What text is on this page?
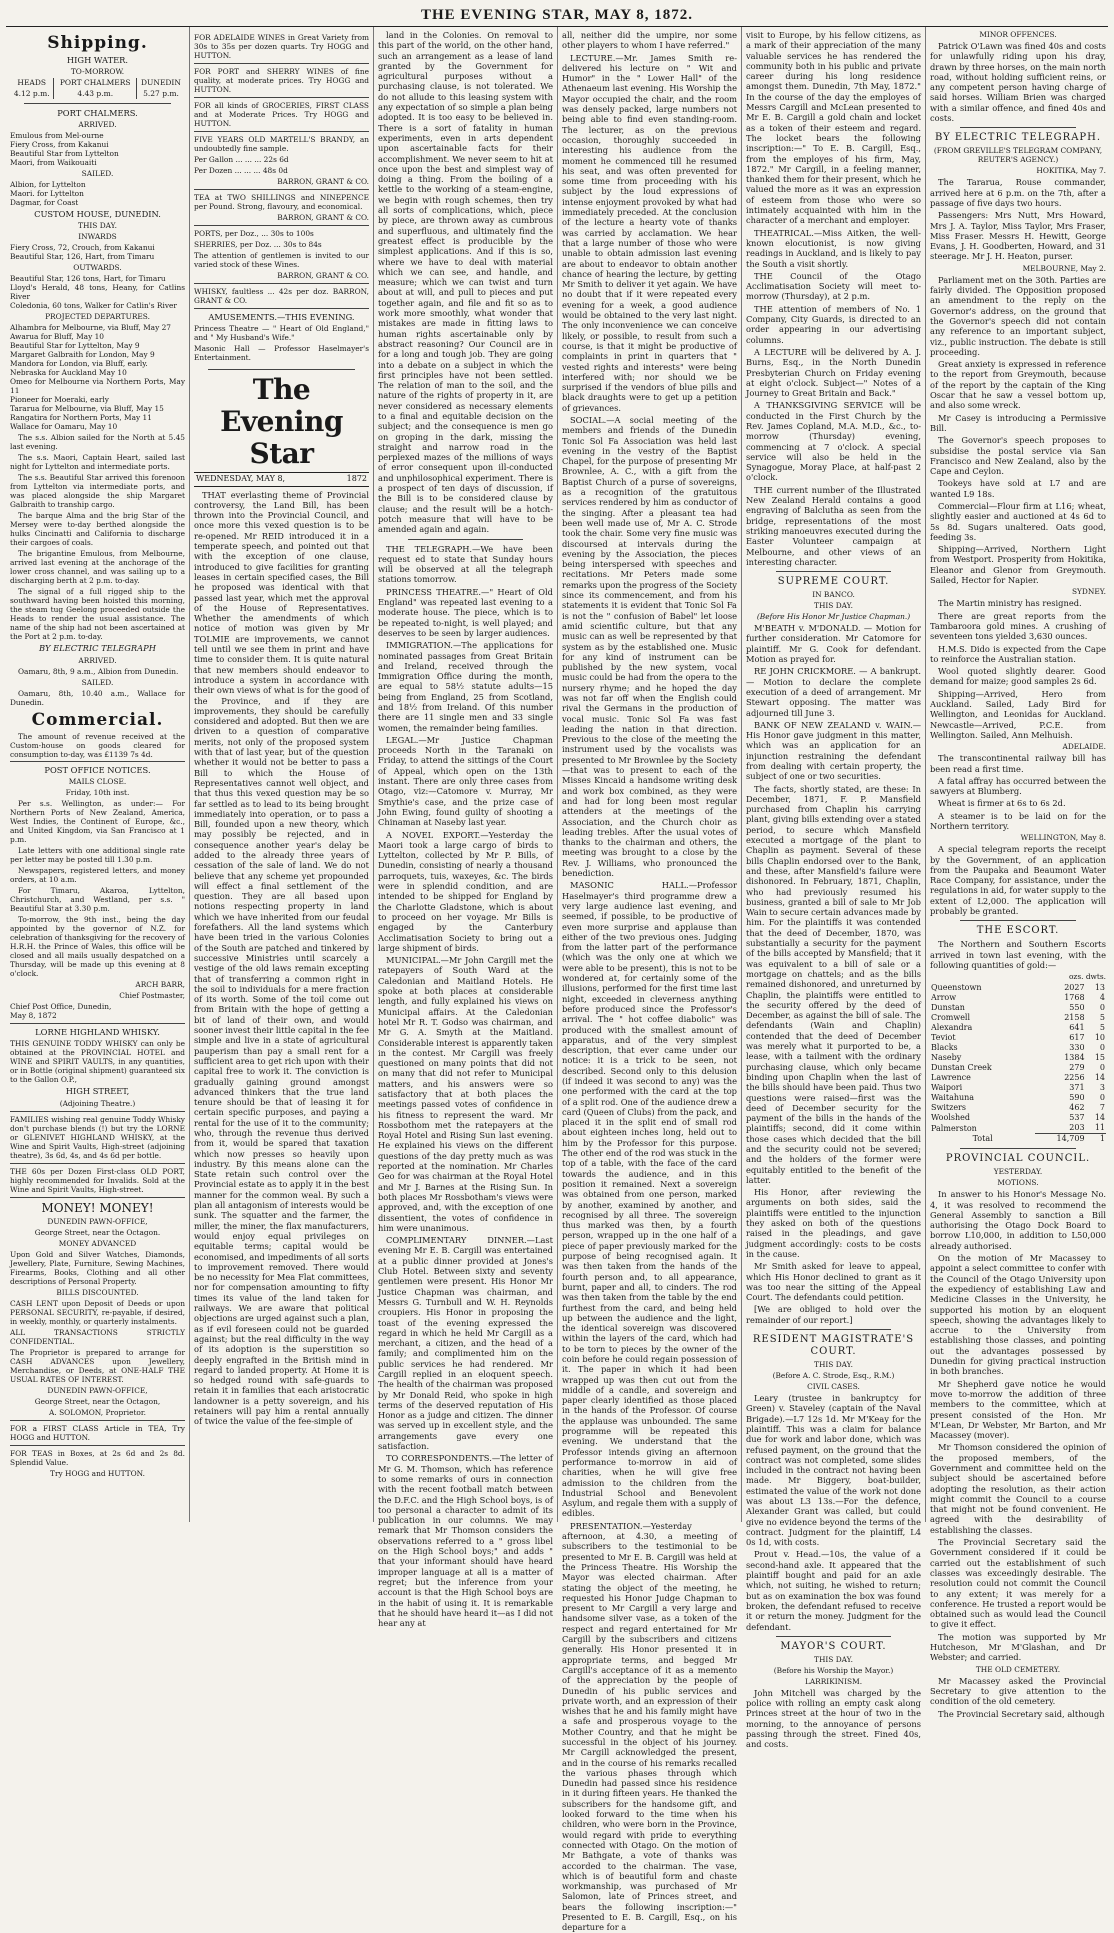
THE EVENING STAR, MAY 8, 1872.
Shipping.

HIGH WATER.

TO-MORROW.

HEADS	PORT CHALMERS	DUNEDIN
4.12 p.m.	4.43 p.m.	5.27 p.m.

PORT CHALMERS.

ARRIVED.

Emulous from Mel-ourne
Fiery Cross, from Kakanui
Beautiful Star from Lyttelton
Maori, from Waikouaiti

SAILED.

Albion, for Lyttelton
Maori. for Lyttelton
Dagmar, for Coast

CUSTOM HOUSE, DUNEDIN.

THIS DAY.

INWARDS

Fiery Cross, 72, Crouch, from Kakanui
Beautiful Star, 126, Hart, from Timaru

OUTWARDS.

Beautiful Star, 126 tons, Hart, for Timaru
Lloyd's Herald, 48 tons, Heany, for Catlins River
Coledonia, 60 tons, Walker for Catlin's River

PROJECTED DEPARTURES.

Alhambra for Melbourne, via Bluff, May 27
Awarua for Bluff, May 10
Beautiful Star for Lyttelton, May 9
Margaret Galbraith for London, May 9
Mandora for London, via Bluff, early.
Nebraska for Auckland May 10
Omeo for Melbourne via Northern Ports, May 11
Pioneer for Moeraki, early
Tararua for Melbourne, via Bluff, May 15
Rangatira for Northern Ports, May 11
Wallace for Oamaru, May 10

The s.s. Albion sailed for the North at 5.45 last evening.

The s.s. Maori, Captain Heart, sailed last night for Lyttelton and intermediate ports.

The s.s. Beautiful Star arrived this forenoon from Lyttelton via intermediate ports, and was placed alongside the ship Margaret Galbraith to tranship cargo.

The barque Alma and the brig Star of the Mersey were to-day berthed alongside the hulks Cincinatti and California to discharge their cargoes of coals.

The brigantine Emulous, from Melbourne, arrived last evening at the anchorage of the lower cross channel, and was sailing up to a discharging berth at 2 p.m. to-day.

The signal of a full rigged ship to the southward having been hoisted this morning, the steam tug Geelong proceeded outside the Heads to render the usual assistance. The name of the ship had not been ascertained at the Port at 2 p.m. to-day.

BY ELECTRIC TELEGRAPH

ARRIVED.

Oamaru, 8th, 9 a.m., Albion from Dunedin.

SAILED.

Oamaru, 8th, 10.40 a.m., Wallace for Dunedin.

Commercial.

The amount of revenue received at the Custom-house on goods cleared for consumption to-day, was £1139 7s 4d.

POST OFFICE NOTICES.

MAILS CLOSE.

Friday, 10th inst.

Per s.s. Wellington, as under:— For Northern Ports of New Zealand, America, West Indies, the Continent of Europe, &c., and United Kingdom, via San Francisco at 1 p.m.

Late letters with one additional single rate per letter may be posted till 1.30 p.m.

Newspapers, registered letters, and money orders, at 10 a.m.

For Timaru, Akaroa, Lyttelton, Christchurch, and Westland, per s.s. " Beautiful Star at 3.30 p.m.

To-morrow, the 9th inst., being the day appointed by the governor of N.Z. for celebration of thanksgiving for the recovery of H.R.H. the Prince of Wales, this office will be closed and all mails usually despatched on a Thursday, will be made up this evening at 8 o'clock.

ARCH BARR,

Chief Postmaster,

Chief Post Office, Dunedin,
May 8, 1872

LORNE HIGHLAND WHISKY.

THIS GENUINE TODDY WHISKY can only be obtained at the PROVINCIAL HOTEL and WINE and SPIRIT VAULTS, in any quantities, or in Bottle (original shipment) guaranteed six to the Gallon O.P.,

HIGH STREET,

(Adjoining Theatre.)

FAMILIES wishing real genuine Toddy Whisky don't purchase blends (!) but try the LORNE or GLENIVET HIGHLAND WHISKY, at the Wine and Spirit Vaults, High-street (adjoining theatre), 3s 6d, 4s, and 4s 6d per bottle.

THE 60s per Dozen First-class OLD PORT, highly recommended for Invalids. Sold at the Wine and Spirit Vaults, High-street.

MONEY! MONEY!

DUNEDIN PAWN-OFFICE,

George Street, near the Octagon.

MONEY ADVANCED

Upon Gold and Silver Watches, Diamonds, Jewellery, Plate, Furniture, Sewing Machines, Firearms, Books, Clothing and all other descriptions of Personal Property.

BILLS DISCOUNTED.

CASH LENT upon Deposit of Deeds or upon PERSONAL SECURITY, re-payable, if desired, in weekly, monthly, or quarterly instalments.

ALL TRANSACTIONS STRICTLY CONFIDENTIAL.

The Proprietor is prepared to arrange for CASH ADVANCES upon Jewellery, Merchandise, or Deeds, at ONE-HALF THE USUAL RATES OF INTEREST.

DUNEDIN PAWN-OFFICE,

George Street, near the Octagon,

A. SOLOMON, Proprietor.

FOR a FIRST CLASS Article in TEA, Try HOGG and HUTTON.

FOR TEAS in Boxes, at 2s 6d and 2s 8d. Splendid Value.

Try HOGG and HUTTON.

FOR ADELAIDE WINES in Great Variety from 30s to 35s per dozen quarts. Try HOGG and HUTTON.

FOR PORT and SHERRY WINES of fine quality, at moderate prices. Try HOGG and HUTTON.

FOR all kinds of GROCERIES, FIRST CLASS and at Moderate Prices. Try HOGG and HUTTON.

FIVE YEARS OLD MARTELL'S BRANDY, an undoubtedly fine sample.

Per Gallon ... ... ... 22s 6d

Per Dozen ... ... ... 48s 0d

BARRON, GRANT & CO.

TEA at TWO SHILLINGS and NINEPENCE per Pound. Strong, flavoury, and economical.

BARRON, GRANT & CO.

PORTS, per Doz., ... 30s to 100s

SHERRIES, per Doz. ... 30s to 84s

The attention of gentlemen is invited to our varied stock of these Wines.

BARRON, GRANT & CO.

WHISKY, faultless ... 42s per doz. BARRON, GRANT & CO.

AMUSEMENTS.—THIS EVENING.

Princess Theatre — " Heart of Old England," and " My Husband's Wife."

Masonic Hall — Professor Haselmayer's Entertainment.

The Evening Star
WEDNESDAY, MAY 8,	1872

THAT everlasting theme of Provincial controversy, the Land Bill, has been thrown into the Provincial Council, and once more this vexed question is to be re-opened. Mr REID introduced it in a temperate speech, and pointed out that with the exception of one clause, introduced to give facilities for granting leases in certain specified cases, the Bill he proposed was identical with that passed last year, which met the approval of the House of Representatives. Whether the amendments of which notice of motion was given by Mr TOLMIE are improvements, we cannot tell until we see them in print and have time to consider them. It is quite natural that new members should endeavor to introduce a system in accordance with their own views of what is for the good of the Province, and if they are improvements, they should be carefully considered and adopted. But then we are driven to a question of comparative merits, not only of the proposed system with that of last year, but of the question whether it would not be better to pass a Bill to which the House of Representatives cannot well object, and that thus this vexed question may be so far settled as to lead to its being brought immediately into operation, or to pass a Bill, founded upon a new theory, which may possibly be rejected, and in consequence another year's delay be added to the already three years of cessation of the sale of land. We do not believe that any scheme yet propounded will effect a final settlement of the question. They are all based upon notions respecting property in land which we have inherited from our feudal forefathers. All the land systems which have been tried in the various Colonies of the South are patched and tinkered by successive Ministries until scarcely a vestige of the old laws remain excepting that of transferring a common right in the soil to individuals for a mere fraction of its worth. Some of the toil come out from Britain with the hope of getting a bit of land of their own, and would sooner invest their little capital in the fee simple and live in a state of agricultural pauperism than pay a small rent for a sufficient area to get rich upon with their capital free to work it. The conviction is gradually gaining ground amongst advanced thinkers that the true land tenure should be that of leasing it for certain specific purposes, and paying a rental for the use of it to the community; who, through the revenue thus derived from it, would be spared that taxation which now presses so heavily upon industry. By this means alone can the State retain such control over the Provincial estate as to apply it in the best manner for the common weal. By such a plan all antagonism of interests would be sunk. The squatter and the farmer, the miller, the miner, the flax manufacturers, would enjoy equal privileges on equitable terms; capital would be economised, and impediments of all sorts to improvement removed. There would be no necessity for Mea Flat committees, nor for compensation amounting to fifty times its value of the land taken for railways. We are aware that political objections are urged against such a plan, as if evil foreseen could not be guarded against; but the real difficulty in the way of its adoption is the superstition so deeply engrafted in the British mind in regard to landed property. At Home it is so hedged round with safe-guards to retain it in families that each aristocratic landowner is a petty sovereign, and his retainers will pay him a rental annually of twice the value of the fee-simple of

land in the Colonies. On removal to this part of the world, on the other hand, such an arrangement as a lease of land granted by the Government for agricultural purposes without a purchasing clause, is not tolerated. We do not allude to this leasing system with any expectation of so simple a plan being adopted. It is too easy to be believed in. There is a sort of fatality in human experiments, even in arts dependent upon ascertainable facts for their accomplishment. We never seem to hit at once upon the best and simplest way of doing a thing. From the boiling of a kettle to the working of a steam-engine, we begin with rough schemes, then try all sorts of complications, which, piece by piece, are thrown away as cumbrous and superfluous, and ultimately find the greatest effect is producible by the simplest applications. And if this is so, where we have to deal with material which we can see, and handle, and measure; which we can twist and turn about at will, and pull to pieces and put together again, and file and fit so as to work more smoothly, what wonder that mistakes are made in fitting laws to human rights ascertainable only by abstract reasoning? Our Council are in for a long and tough job. They are going into a debate on a subject in which the first principles have not been settled. The relation of man to the soil, and the nature of the rights of property in it, are never considered as necessary elements to a final and equitable decision on the subject; and the consequence is men go on groping in the dark, missing the straight and narrow road in the perplexed mazes of the millions of ways of error consequent upon ill-conducted and unphilosophical experiment. There is a prospect of ten days of discussion, if the Bill is to be considered clause by clause; and the result will be a hotch-potch measure that will have to be amended again and again.

THE TELEGRAPH.—We have been request ed to state that Sunday hours will be observed at all the telegraph stations tomorrow.

PRINCESS THEATRE.—" Heart of Old England" was repeated last evening to a moderate house. The piece, which is to be repeated to-night, is well played; and deserves to be seen by larger audiences.

IMMIGRATION.—The applications for nominated passages from Great Britain and Ireland, received through the Immigration Office during the month, are equal to 58½ statute adults—15 being from England, 25 from Scotland, and 18½ from Ireland. Of this number there are 11 single men and 33 single women, the remainder being families.

LEGAL.—Mr Justice Chapman proceeds North in the Taranaki on Friday, to attend the sittings of the Court of Appeal, which open on the 13th instant. There are only three cases from Otago, viz:—Catomore v. Murray, Mr Smythie's case, and the prize case of John Ewing, found guilty of shooting a Chinaman at Naseby last year.

A NOVEL EXPORT.—Yesterday the Maori took a large cargo of birds to Lyttelton, collected by Mr P. Bills, of Dunedin, consisting of nearly a thousand parroquets, tuis, waxeyes, &c. The birds were in splendid condition, and are intended to be shipped for England by the Charlotte Gladstone, which is about to proceed on her voyage. Mr Bills is engaged by the Canterbury Acclimatisation Society to bring out a large shipment of birds.

MUNICIPAL.—Mr John Cargill met the ratepayers of South Ward at the Caledonian and Maitland Hotels. He spoke at both places at considerable length, and fully explained his views on Municipal affairs. At the Caledonian hotel Mr R. T. Godso was chairman, and Mr G. A. Smyth at the Maitland. Considerable interest is apparently taken in the contest. Mr Cargill was freely questioned on many points that did not on many that did not refer to Municipal matters, and his answers were so satisfactory that at both places the meetings passed votes of confidence in his fitness to represent the ward. Mr Rossbothom met the ratepayers at the Royal Hotel and Rising Sun last evening. He explained his views on the different questions of the day pretty much as was reported at the nomination. Mr Charles Geo for was chairman at the Royal Hotel and Mr J. Barnes at the Rising Sun. In both places Mr Rossbotham's views were approved, and, with the exception of one dissentient, the votes of confidence in him were unanimous.

COMPLIMENTARY DINNER.—Last evening Mr E. B. Cargill was entertained at a public dinner provided at Jones's Club Hotel. Between sixty and seventy gentlemen were present. His Honor Mr Justice Chapman was chairman, and Messrs G. Turnbull and W. H. Reynolds croupiers. His Honor in proposing the toast of the evening expressed the regard in which he held Mr Cargill as a merchant, a citizen, and the head of a family; and complimented him on the public services he had rendered. Mr Cargill replied in an eloquent speech. The health of the chairman was proposed by Mr Donald Reid, who spoke in high terms of the deserved reputation of His Honor as a judge and citizen. The dinner was served up in excellent style, and the arrangements gave every one satisfaction.

TO CORRESPONDENTS.—The letter of Mr G. M. Thomson, which has reference to some remarks of ours in connection with the recent football match between the D.F.C. and the High School boys, is of too personal a character to admit of its publication in our columns. We may remark that Mr Thomson considers the observations referred to a " gross libel on the High School boys;" and adds " that your informant should have heard improper language at all is a matter of regret; but the inference from your account is that the High School boys are in the habit of using it. It is remarkable that he should have heard it—as I did not hear any at

all, neither did the umpire, nor some other players to whom I have referred."

LECTURE.—Mr. James Smith re-delivered his lecture on " Wit and Humor" in the " Lower Hall" of the Athenaeum last evening. His Worship the Mayor occupied the chair, and the room was densely packed, large numbers not being able to find even standing-room. The lecturer, as on the previous occasion, thoroughly succeeded in interesting his audience from the moment he commenced till he resumed his seat, and was often prevented for some time from proceeding with his subject by the loud expressions of intense enjoyment provoked by what had immediately preceded. At the conclusion of the lecture a hearty vote of thanks was carried by acclamation. We hear that a large number of those who were unable to obtain admission last evening are about to endeavor to obtain another chance of hearing the lecture, by getting Mr Smith to deliver it yet again. We have no doubt that if it were repeated every evening for a week, a good audience would be obtained to the very last night. The only inconvenience we can conceive likely, or possible, to result from such a course, is that it might be productive of complaints in print in quarters that " vested rights and interests" were being interfered with; nor should we be surprised if the vendors of blue pills and black draughts were to get up a petition of grievances.

SOCIAL.—A social meeting of the members and friends of the Dunedin Tonic Sol Fa Association was held last evening in the vestry of the Baptist Chapel, for the purpose of presenting Mr Brownlee, A. C., with a gift from the Baptist Church of a purse of sovereigns, as a recognition of the gratuitous services rendered by him as conductor of the singing. After a pleasant tea had been well made use of, Mr A. C. Strode took the chair. Some very fine music was discoursed at intervals during the evening by the Association, the pieces being interspersed with speeches and recitations. Mr Peters made some remarks upon the progress of the Society since its commencement, and from his statements it is evident that Tonic Sol Fa is not the " confusion of Babel" let loose amid scientific culture, but that any music can as well be represented by that system as by the established one. Music for any kind of instrument can be published by the new system, vocal music could be had from the opera to the nursery rhyme; and he hoped the day was not far off when the English could rival the Germans in the production of vocal music. Tonic Sol Fa was fast leading the nation in that direction. Previous to the close of the meeting the instrument used by the vocalists was presented to Mr Brownlee by the Society—that was to present to each of the Misses Kincaid a handsome writing desk and work box combined, as they were and had for long been most regular attenders at the meetings of the Association, and the Church choir as leading trebles. After the usual votes of thanks to the chairman and others, the meeting was brought to a close by the Rev. J. Williams, who pronounced the benediction.

MASONIC HALL.—Professor Haselmayer's third programme drew a very large audience last evening, and seemed, if possible, to be productive of even more surprise and applause than either of the two previous ones. Judging from the latter part of the performance (which was the only one at which we were able to be present), this is not to be wondered at, for certainly some of the illusions, performed for the first time last night, exceeded in cleverness anything before produced since the Professor's arrival. The " hot coffee diabolic" was produced with the smallest amount of apparatus, and of the very simplest description, that ever came under our notice: it is a trick to be seen, not described. Second only to this delusion (if indeed it was second to any) was the one performed with the card at the top of a split rod. One of the audience drew a card (Queen of Clubs) from the pack, and placed it in the split end of small rod about eighteen inches long, held out to him by the Professor for this purpose. The other end of the rod was stuck in the top of a table, with the face of the card towards the audience, and in this position it remained. Next a sovereign was obtained from one person, marked by another, examined by another, and recognised by all three. The sovereign thus marked was then, by a fourth person, wrapped up in the one half of a piece of paper previously marked for the purpose of being recognised again. It was then taken from the hands of the fourth person and, to all appearance, burnt, paper and all, to cinders. The rod was then taken from the table by the end furthest from the card, and being held up between the audience and the light, the identical sovereign was discovered within the layers of the card, which had to be torn to pieces by the owner of the coin before he could regain possession of it. The paper in which it had been wrapped up was then cut out from the middle of a candle, and sovereign and paper clearly identified as those placed in the hands of the Professor. Of course the applause was unbounded. The same programme will be repeated this evening. We understand that the Professor intends giving an afternoon performance to-morrow in aid of charities, when he will give free admission to the children from the Industrial School and Benevolent Asylum, and regale them with a supply of edibles.

PRESENTATION.—Yesterday afternoon, at 4.30, a meeting of subscribers to the testimonial to be presented to Mr E. B. Cargill was held at the Princess Theatre. His Worship the Mayor was elected chairman. After stating the object of the meeting, he requested his Honor Judge Chapman to present to Mr Cargill a very large and handsome silver vase, as a token of the respect and regard entertained for Mr Cargill by the subscribers and citizens generally. His Honor presented it in appropriate terms, and begged Mr Cargill's acceptance of it as a memento of the appreciation by the people of Dunedin of his public services and private worth, and an expression of their wishes that he and his family might have a safe and prosperous voyage to the Mother Country, and that he might be successful in the object of his journey. Mr Cargill acknowledged the present, and in the course of his remarks recalled the various phases through which Dunedin had passed since his residence in it during fifteen years. He thanked the subscribers for the handsome gift, and looked forward to the time when his children, who were born in the Province, would regard with pride to everything connected with Otago. On the motion of Mr Bathgate, a vote of thanks was accorded to the chairman. The vase, which is of beautiful form and chaste workmanship, was purchased of Mr Salomon, late of Princes street, and bears the following inscription:—" Presented to E. B. Cargill, Esq., on his departure for a

visit to Europe, by his fellow citizens, as a mark of their appreciation of the many valuable services he has rendered the community both in his public and private career during his long residence amongst them. Dunedin, 7th May, 1872." In the course of the day the employes of Messrs Cargill and McLean presented to Mr E. B. Cargill a gold chain and locket as a token of their esteem and regard. The locket bears the following inscription:—" To E. B. Cargill, Esq., from the employes of his firm, May, 1872." Mr Cargill, in a feeling manner, thanked them for their present, which he valued the more as it was an expression of esteem from those who were so intimately acquainted with him in the character of a merchant and employer.

THEATRICAL.—Miss Aitken, the well-known elocutionist, is now giving readings in Auckland, and is likely to pay the South a visit shortly.

THE Council of the Otago Acclimatisation Society will meet to-morrow (Thursday), at 2 p.m.

THE attention of members of No. 1 Company, City Guards, is directed to an order appearing in our advertising columns.

A LECTURE will be delivered by A. J. Burns, Esq., in the North Dunedin Presbyterian Church on Friday evening at eight o'clock. Subject—" Notes of a Journey to Great Britain and Back."

A THANKSGIVING SERVICE will be conducted in the First Church by the Rev. James Copland, M.A. M.D., &c., to-morrow (Thursday) evening, commencing at 7 o'clock. A special service will also be held in the Synagogue, Moray Place, at half-past 2 o'clock.

THE current number of the Illustrated New Zealand Herald contains a good engraving of Balclutha as seen from the bridge, representations of the most striking manoeuvres executed during the Easter Volunteer campaign at Melbourne, and other views of an interesting character.

SUPREME COURT.

IN BANCO.

THIS DAY.

(Before His Honor Mr Justice Chapman.)

M'BEATH v. M'DONALD. — Motion for further consideration. Mr Catomore for plaintiff. Mr G. Cook for defendant. Motion as prayed for.

RE JOHN CRICKMORE. — A bankrupt.— Motion to declare the complete execution of a deed of arrangement. Mr Stewart opposing. The matter was adjourned till June 3.

BANK OF NEW ZEALAND v. WAIN.—His Honor gave judgment in this matter, which was an application for an injunction restraining the defendant from dealing with certain property, the subject of one or two securities.

The facts, shortly stated, are these: In December, 1871, F. P. Mansfield purchased from Chaplin his carrying plant, giving bills extending over a stated period, to secure which Mansfield executed a mortgage of the plant to Chaplin as payment. Several of these bills Chaplin endorsed over to the Bank, and these, after Mansfield's failure were dishonored. In February, 1871, Chaplin, who had previously resumed his business, granted a bill of sale to Mr Job Wain to secure certain advances made by him. For the plaintiffs it was contended that the deed of December, 1870, was substantially a security for the payment of the bills accepted by Mansfield; that it was equivalent to a bill of sale or a mortgage on chattels; and as the bills remained dishonored, and unreturned by Chaplin, the plaintiffs were entitled to the security offered by the deed of December, as against the bill of sale. The defendants (Wain and Chaplin) contended that the deed of December was merely what it purported to be, a lease, with a tailment with the ordinary purchasing clause, which only became binding upon Chaplin when the last of the bills should have been paid. Thus two questions were raised—first was the deed of December security for the payment of the bills in the hands of the plaintiffs; second, did it come within those cases which decided that the bill and the security could not be severed; and the holders of the former were equitably entitled to the benefit of the latter.

His Honor, after reviewing the arguments on both sides, said the plaintiffs were entitled to the injunction they asked on both of the questions raised in the pleadings, and gave judgment accordingly: costs to be costs in the cause.

Mr Smith asked for leave to appeal, which His Honor declined to grant as it was too near the sitting of the Appeal Court. The defendants could petition.

[We are obliged to hold over the remainder of our report.]

RESIDENT MAGISTRATE'S COURT.

THIS DAY.

(Before A. C. Strode, Esq., R.M.)

CIVIL CASES.

Leary (trustee in bankruptcy for Green) v. Staveley (captain of the Naval Brigade).—L7 12s 1d. Mr M'Keay for the plaintiff. This was a claim for balance due for work and labor done, which was refused payment, on the ground that the contract was not completed, some slides included in the contract not having been made. Mr Biggery, boat-builder, estimated the value of the work not done was about L3 13s.—For the defence, Alexander Grant was called, but could give no evidence beyond the terms of the contract. Judgment for the plaintiff, L4 0s 1d, with costs.

Prout v. Head.—10s, the value of a second-hand axle. It appeared that the plaintiff bought and paid for an axle which, not suiting, he wished to return; but as on examination the box was found broken, the defendant refused to receive it or return the money. Judgment for the defendant.

MAYOR'S COURT.

THIS DAY.

(Before his Worship the Mayor.)

LARRIKINISM.

John Mitchell was charged by the police with rolling an empty cask along Princes street at the hour of two in the morning, to the annoyance of persons passing through the street. Fined 40s, and costs.

MINOR OFFENCES.

Patrick O'Lawn was fined 40s and costs for unlawfully riding upon his dray, drawn by three horses, on the main north road, without holding sufficient reins, or any competent person having charge of said horses. William Brien was charged with a similar offence, and fined 40s and costs.

BY ELECTRIC TELEGRAPH.

(FROM GREVILLE'S TELEGRAM COMPANY, REUTER'S AGENCY.)

HOKITIKA, May 7.

The Tararua, Rouse commander, arrived here at 6 p.m. on the 7th, after a passage of five days two hours.

Passengers: Mrs Nutt, Mrs Howard, Mrs J. A. Taylor, Miss Taylor, Mrs Fraser, Miss Fraser. Messrs H. Hewitt, George Evans, J. H. Goodberten, Howard, and 31 steerage. Mr J. H. Heaton, purser.

MELBOURNE, May 2.

Parliament met on the 30th. Parties are fairly divided. The Opposition proposed an amendment to the reply on the Governor's address, on the ground that the Governor's speech did not contain any reference to an important subject, viz., public instruction. The debate is still proceeding.

Great anxiety is expressed in reference to the report from Greymouth, because of the report by the captain of the King Oscar that he saw a vessel bottom up, and also some wreck.

Mr Casey is introducing a Permissive Bill.

The Governor's speech proposes to subsidise the postal service via San Francisco and New Zealand, also by the Cape and Ceylon.

Tookeys have sold at L7 and are wanted L9 18s.

Commercial—Flour firm at L16; wheat, slightly easier and auctioned at 4s 6d to 5s 8d. Sugars unaltered. Oats good, feeding 3s.

Shipping—Arrived, Northern Light from Westport. Prosperity from Hokitika, Eleanor and Glenor from Greymouth. Sailed, Hector for Napier.

SYDNEY.

The Martin ministry has resigned.

There are great reports from the Tambaroora gold mines. A crushing of seventeen tons yielded 3,630 ounces.

H.M.S. Dido is expected from the Cape to reinforce the Australian station.

Wool quoted slightly dearer. Good demand for maize; good samples 2s 6d.

Shipping—Arrived, Hero from Auckland. Sailed, Lady Bird for Wellington, and Leonidas for Auckland. Newcastle—Arrived, P.C.E. from Wellington. Sailed, Ann Melhuish.

ADELAIDE.

The transcontinental railway bill has been read a first time.

A fatal affray has occurred between the sawyers at Blumberg.

Wheat is firmer at 6s to 6s 2d.

A steamer is to be laid on for the Northern territory.

WELLINGTON, May 8.

A special telegram reports the receipt by the Government, of an application from the Paupaka and Beaumont Water Race Company, for assistance, under the regulations in aid, for water supply to the extent of L2,000. The application will probably be granted.

THE ESCORT.

The Northern and Southern Escorts arrived in town last evening, with the following quantities of gold:—

ozs. dwts.

Queenstown	2027	13
Arrow	1768	4
Dunstan	550	0
Cromwell	2158	5
Alexandra	641	5
Teviot	617	10
Blacks	330	0
Naseby	1384	15
Dunstan Creek	279	0
Lawrence	2256	14
Waipori	371	3
Waitahuna	590	0
Switzers	462	7
Woolshed	537	14
Palmerston	203	11
Total	14,709	1
PROVINCIAL COUNCIL.

YESTERDAY.

MOTIONS.

In answer to his Honor's Message No. 4, it was resolved to recommend the General Assembly to sanction a Bill authorising the Otago Dock Board to borrow L10,000, in addition to L50,000 already authorised.

On the motion of Mr Macassey to appoint a select committee to confer with the Council of the Otago University upon the expediency of establishing Law and Medicine Classes in the University, he supported his motion by an eloquent speech, showing the advantages likely to accrue to the University from establishing those classes, and pointing out the advantages possessed by Dunedin for giving practical instruction in both branches.

Mr Shepherd gave notice he would move to-morrow the addition of three members to the committee, which at present consisted of the Hon. Mr M'Lean, Dr Webster, Mr Barton, and Mr Macassey (mover).

Mr Thomson considered the opinion of the proposed members, of the Government and committee held on the subject should be ascertained before adopting the resolution, as their action might commit the Council to a course that might not be found convenient. He agreed with the desirability of establishing the classes.

The Provincial Secretary said the Government considered if it could be carried out the establishment of such classes was exceedingly desirable. The resolution could not commit the Council to any extent; it was merely for a conference. He trusted a report would be obtained such as would lead the Council to give it effect.

The motion was supported by Mr Hutcheson, Mr M'Glashan, and Dr Webster; and carried.

THE OLD CEMETERY.

Mr Macassey asked the Provincial Secretary to give attention to the condition of the old cemetery.

The Provincial Secretary said, although
